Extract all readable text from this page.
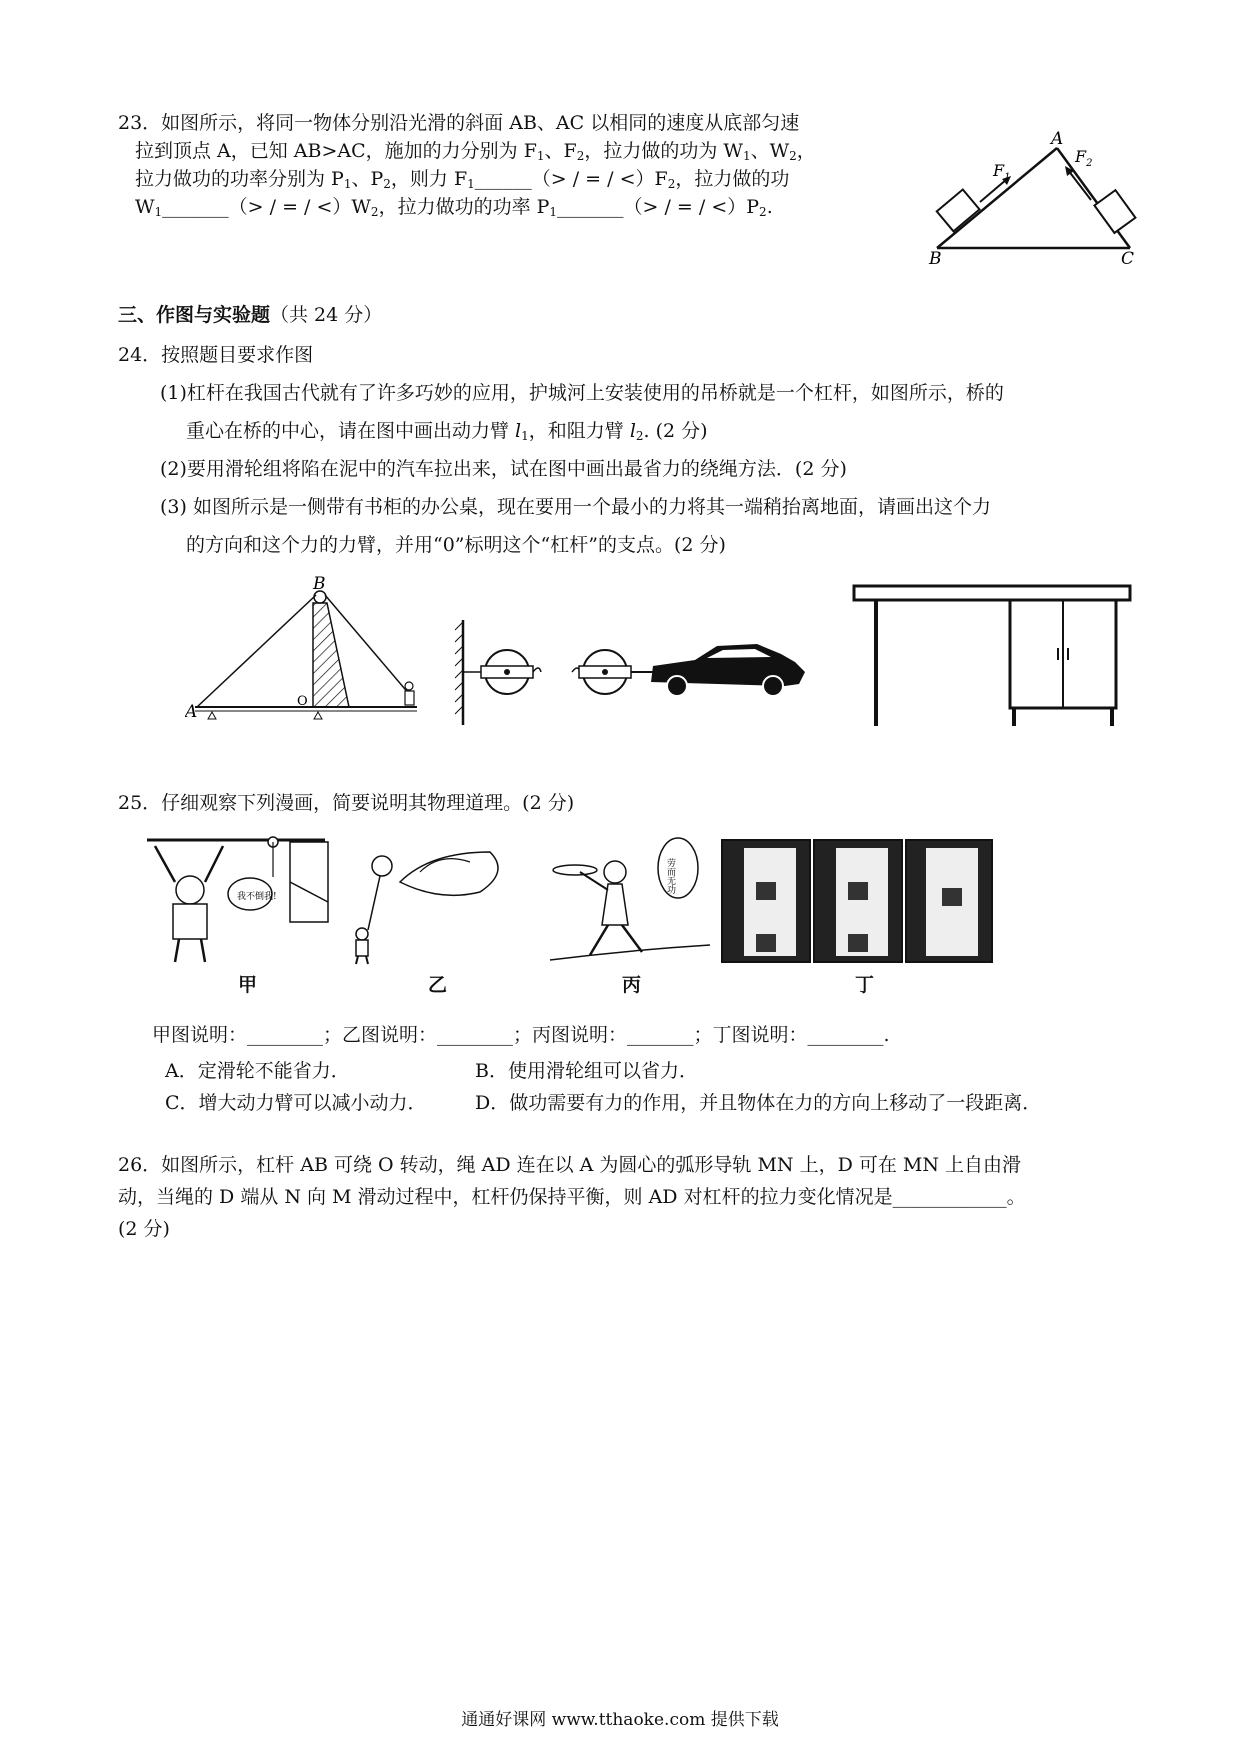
23．如图所示，将同一物体分别沿光滑的斜面 AB、AC 以相同的速度从底部匀速
拉到顶点 A，已知 AB>AC，施加的力分别为 $F_1$、$F_2$，拉力做的功为 $W_1$、$W_2$，
拉力做功的功率分别为 $P_1$、$P_2$，则力 $F_1\_\_\_\_\_\_(>$ / = / $<)F_2$，拉力做的功
$W_1\_\_\_\_\_\_\_(>$ / = / $<)W_2$，拉力做功的功率 $P_1\_\_\_\_\_\_\_(>$ / = / $<)P_2$.
A
B	C
$F_1$
$F_2$
三、作图与实验题（共 24 分）
24．按照题目要求作图
(1)杠杆在我国古代就有了许多巧妙的应用，护城河上安装使用的吊桥就是一个杠杆，如图所示，桥的
重心在桥的中心，请在图中画出动力臂 $l_1$，和阻力臂 $l_2$. (2 分)
(2)要用滑轮组将陷在泥中的汽车拉出来，试在图中画出最省力的绕绳方法．(2 分)
(3) 如图所示是一侧带有书柜的办公桌，现在要用一个最小的力将其一端稍抬离地面，请画出这个力
的方向和这个力的力臂，并用“0”标明这个“杠杆”的支点。(2 分)
A
B
O
25．仔细观察下列漫画，简要说明其物理道理。(2 分)
我不倒我!
劳而无功
甲	乙	丙	丁
甲图说明：________；乙图说明：________；丙图说明：_______；丁图说明：________.
A．定滑轮不能省力．	B．使用滑轮组可以省力．
C．增大动力臂可以减小动力．	D．做功需要有力的作用，并且物体在力的方向上移动了一段距离．
26．如图所示，杠杆 AB 可绕 O 转动，绳 AD 连在以 A 为圆心的弧形导轨 MN 上，D 可在 MN 上自由滑
动，当绳的 D 端从 N 向 M 滑动过程中，杠杆仍保持平衡，则 AD 对杠杆的拉力变化情况是____________。
(2 分)
通通好课网 www.tthaoke.com 提供下载
